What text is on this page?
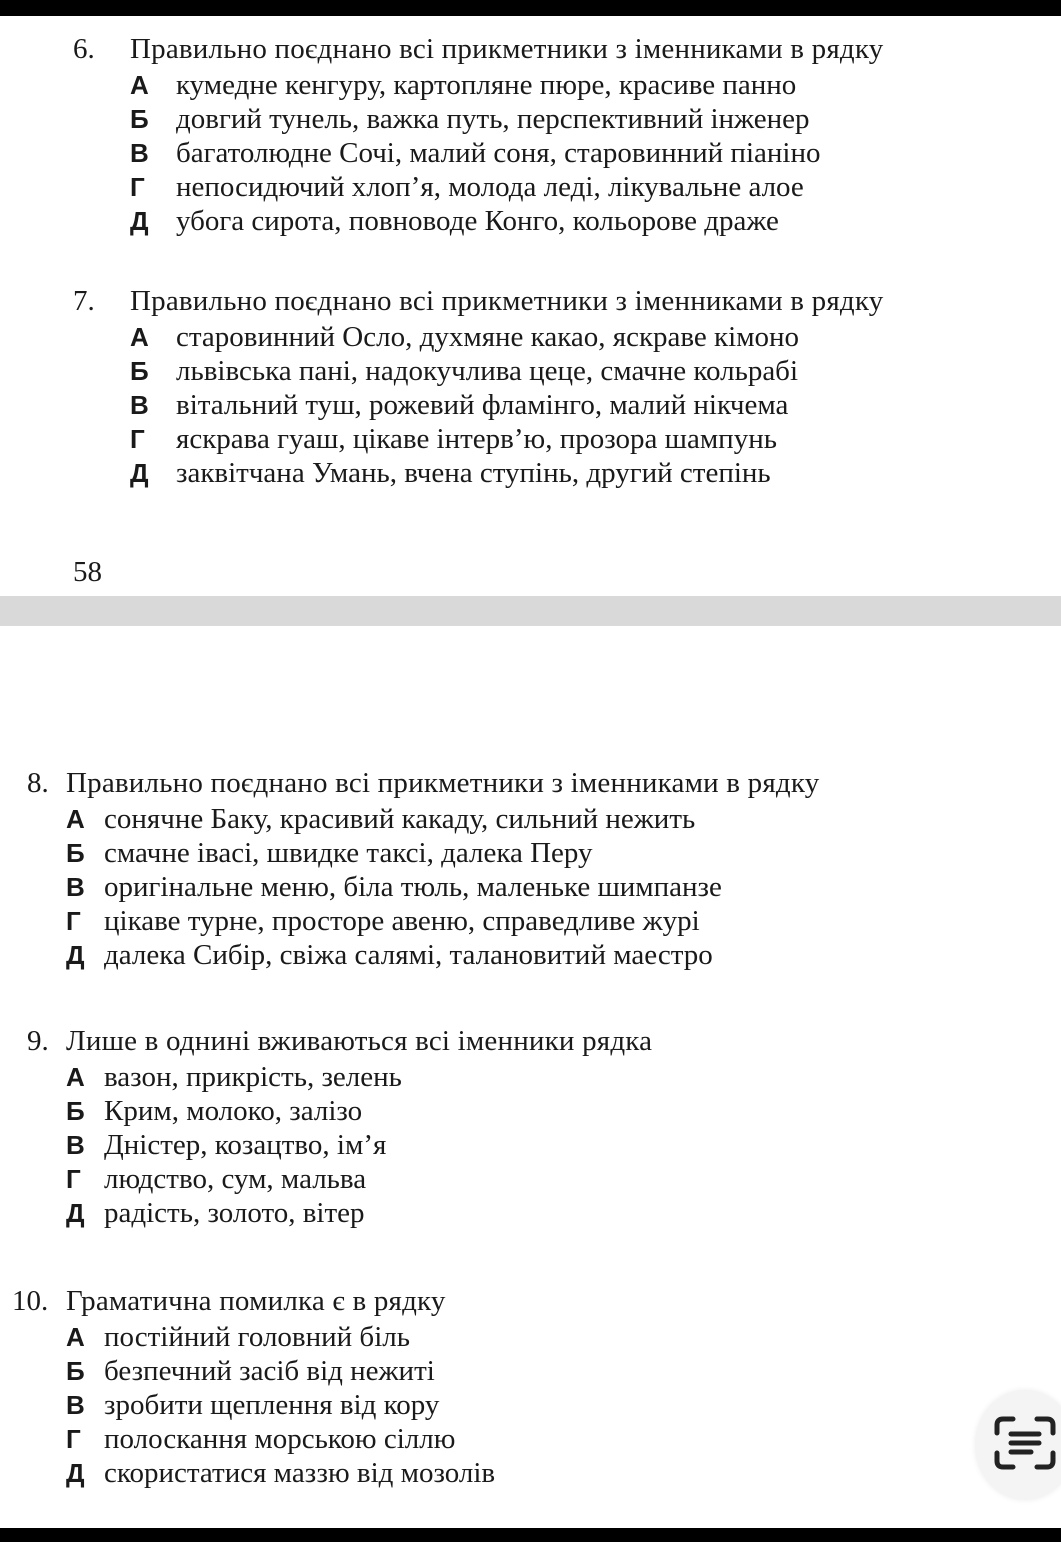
6.	Правильно поєднано всі прикметники з іменниками в рядку
А кумедне кенгуру, картопляне пюре, красиве панно
Б довгий тунель, важка путь, перспективний інженер
В багатолюдне Сочі, малий соня, старовинний піаніно
Г	непосидючий хлоп’я, молода леді, лікувальне алое
Д убога сирота, повноводе Конго, кольорове драже
7.	Правильно поєднано всі прикметники з іменниками в рядку
А старовинний Осло, духмяне какао, яскраве кімоно
Б львівська пані, надокучлива цеце, смачне кольрабі
В вітальний туш, рожевий фламінго, малий нікчема
Г	яскрава гуаш, цікаве інтерв’ю, прозора шампунь
Д заквітчана Умань, вчена ступінь, другий степінь
58
8. Правильно поєднано всі прикметники з іменниками в рядку
А сонячне Баку, красивий какаду, сильний нежить
Б смачне іваcі, швидке таксі, далека Перу
В оригінальне меню, біла тюль, маленьке шимпанзе
Г цікаве турне, просторе авеню, справедливе журі
Д далека Сибір, свіжа салямі, талановитий маестро
9. Лише в однині вживаються всі іменники рядка
А вазон, прикрість, зелень
Б Крим, молоко, залізо
В Дністер, козацтво, ім’я
Г людство, сум, мальва
Д радість, золото, вітер
10. Граматична помилка є в рядку
А постійний головний біль
Б безпечний засіб від нежиті
В зробити щеплення від кору
Г полоскання морською сіллю
Д скористатися маззю від мозолів
